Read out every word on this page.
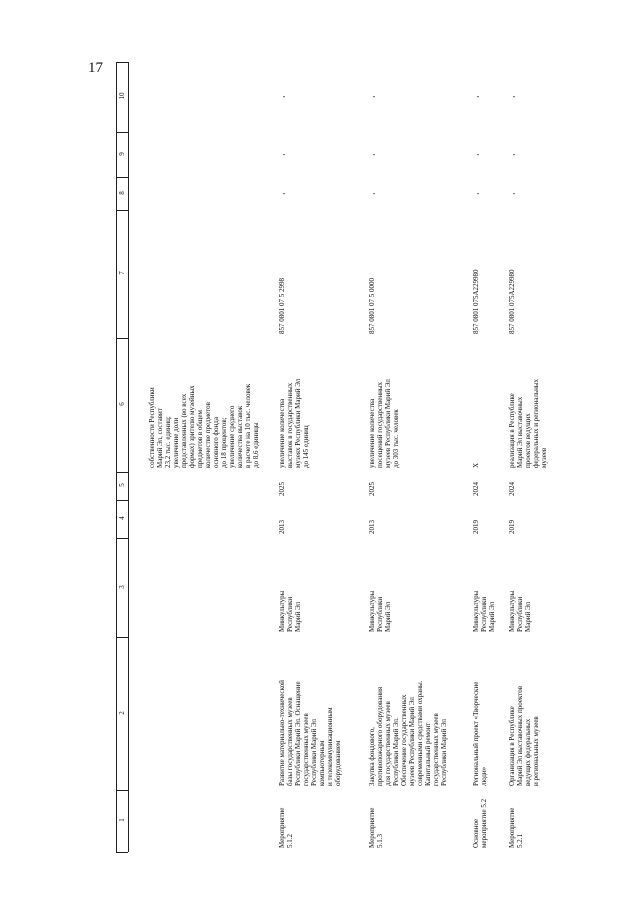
17
1
2
3
4
5
6
7
8
9
10
собственности Республики
Марий Эл, составит
23,2 тыс. единиц;
увеличение доли
представленных (во всех
формах) зрителю музейных
предметов в общем
количестве предметов
основного фонда
до 18 процентов;
увеличение среднего
количества выставок
в расчете на 10 тыс. человек
до 8,6 единицы
Мероприятие
5.1.2
Развитие материально-технической
базы государственных музеев
Республики Марий Эл. Оснащение
государственных музеев
Республики Марий Эл
компьютерным
и телекоммуникационным
оборудованием
Минкультуры
Республики
Марий Эл
2013
2025
увеличение количества
выставок в государственных
музеях Республики Марий Эл
до 145 единиц
857 0801 07 5 2998
-
-
-
Мероприятие
5.1.3
Закупка фондового,
противопожарного оборудования
для государственных музеев
Республики Марий Эл.
Обеспечение государственных
музеев Республики Марий Эл
современными средствами охраны.
Капитальный ремонт
государственных музеев
Республики Марий Эл
Минкультуры
Республики
Марий Эл
2013
2025
увеличение количества
посещений государственных
музеев Республики Марий Эл
до 303 тыс. человек
857 0801 07 5 0000
-
-
-
Основное
мероприятие 5.2
Региональный проект «Творческие
люди»
Минкультуры
Республики
Марий Эл
2019
2024
X
857 0801 075A229980
-
-
-
Мероприятие
5.2.1
Организация в Республике
Марий Эл выставочных проектов
ведущих федеральных
и региональных музеев
Минкультуры
Республики
Марий Эл
2019
2024
реализация в Республике
Марий Эл выставочных
проектов ведущих
федеральных и региональных
музеев
857 0801 075A229980
-
-
-
